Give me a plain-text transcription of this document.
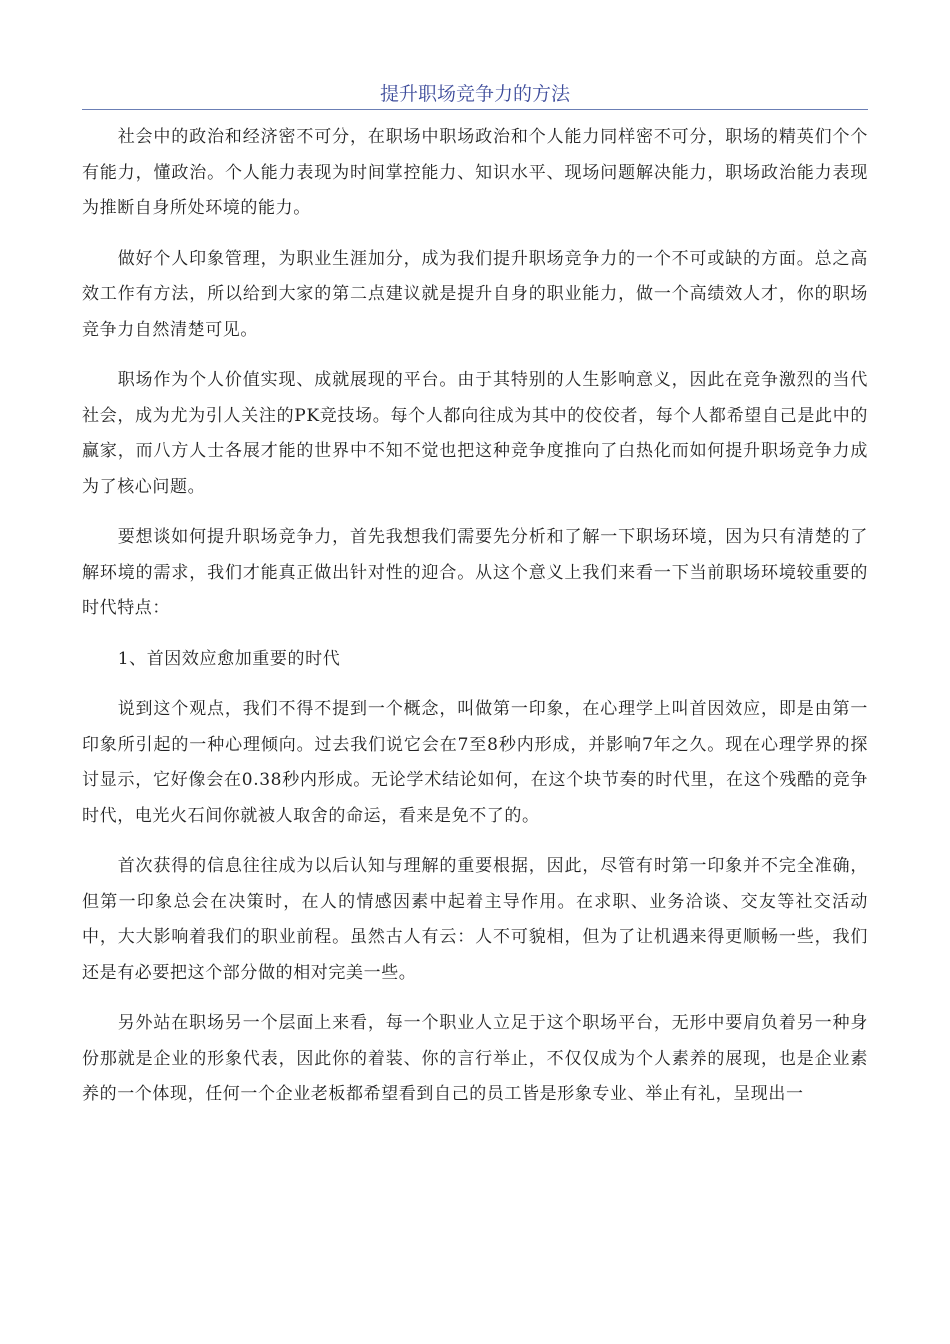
提升职场竞争力的方法

社会中的政治和经济密不可分，在职场中职场政治和个人能力同样密不可分，职场的精英们个个有能力，懂政治。个人能力表现为时间掌控能力、知识水平、现场问题解决能力，职场政治能力表现为推断自身所处环境的能力。

做好个人印象管理，为职业生涯加分，成为我们提升职场竞争力的一个不可或缺的方面。总之高效工作有方法，所以给到大家的第二点建议就是提升自身的职业能力，做一个高绩效人才，你的职场竞争力自然清楚可见。

职场作为个人价值实现、成就展现的平台。由于其特别的人生影响意义，因此在竞争激烈的当代社会，成为尤为引人关注的PK竞技场。每个人都向往成为其中的佼佼者，每个人都希望自己是此中的赢家，而八方人士各展才能的世界中不知不觉也把这种竞争度推向了白热化而如何提升职场竞争力成为了核心问题。

要想谈如何提升职场竞争力，首先我想我们需要先分析和了解一下职场环境，因为只有清楚的了解环境的需求，我们才能真正做出针对性的迎合。从这个意义上我们来看一下当前职场环境较重要的时代特点：

1、首因效应愈加重要的时代

说到这个观点，我们不得不提到一个概念，叫做第一印象，在心理学上叫首因效应，即是由第一印象所引起的一种心理倾向。过去我们说它会在7至8秒内形成，并影响7年之久。现在心理学界的探讨显示，它好像会在0.38秒内形成。无论学术结论如何，在这个块节奏的时代里，在这个残酷的竞争时代，电光火石间你就被人取舍的命运，看来是免不了的。

首次获得的信息往往成为以后认知与理解的重要根据，因此，尽管有时第一印象并不完全准确，但第一印象总会在决策时，在人的情感因素中起着主导作用。在求职、业务洽谈、交友等社交活动中，大大影响着我们的职业前程。虽然古人有云：人不可貌相，但为了让机遇来得更顺畅一些，我们还是有必要把这个部分做的相对完美一些。

另外站在职场另一个层面上来看，每一个职业人立足于这个职场平台，无形中要肩负着另一种身份那就是企业的形象代表，因此你的着装、你的言行举止，不仅仅成为个人素养的展现，也是企业素养的一个体现，任何一个企业老板都希望看到自己的员工皆是形象专业、举止有礼，呈现出一
